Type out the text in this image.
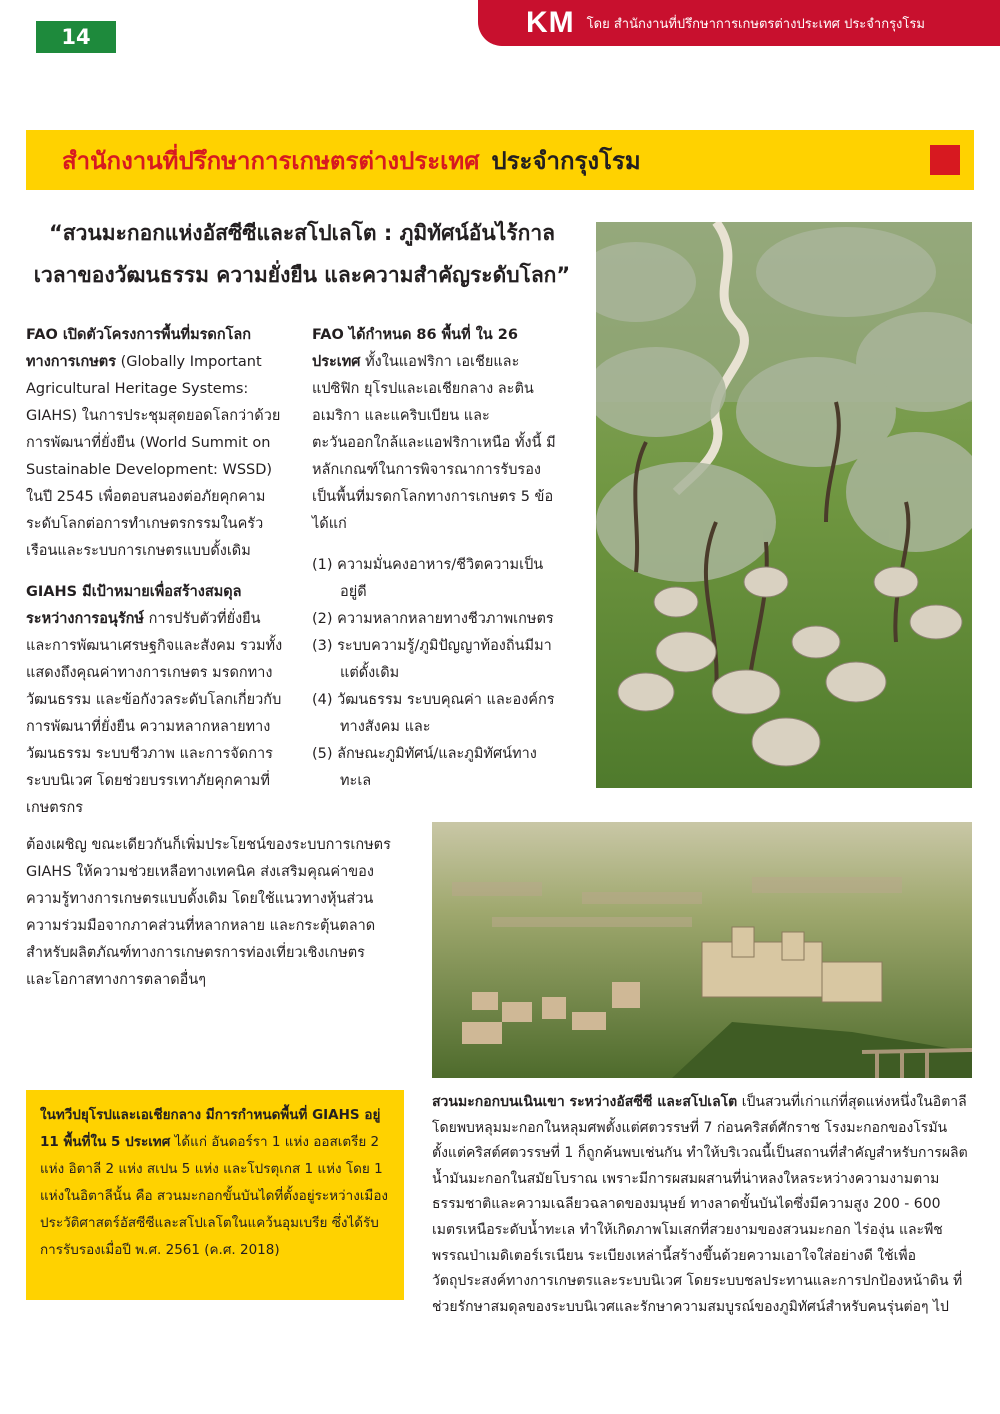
14	KM โดย สำนักงานที่ปรึกษาการเกษตรต่างประเทศ ประจำกรุงโรม
สำนักงานที่ปรึกษาการเกษตรต่างประเทศ ประจำกรุงโรม
“สวนมะกอกแห่งอัสซีซีและสโปเลโต : ภูมิทัศน์อันไร้กาล
เวลาของวัฒนธรรม ความยั่งยืน และความสำคัญระดับโลก”

FAO เปิดตัวโครงการพื้นที่มรดกโลกทางการเกษตร (Globally Important Agricultural Heritage Systems: GIAHS) ในการประชุมสุดยอดโลกว่าด้วยการพัฒนาที่ยั่งยืน (World Summit on Sustainable Development: WSSD) ในปี 2545 เพื่อตอบสนองต่อภัยคุกคามระดับโลกต่อการทำเกษตรกรรมในครัวเรือนและระบบการเกษตรแบบดั้งเดิม

GIAHS มีเป้าหมายเพื่อสร้างสมดุลระหว่างการอนุรักษ์ การปรับตัวที่ยั่งยืน และการพัฒนาเศรษฐกิจและสังคม รวมทั้งแสดงถึงคุณค่าทางการเกษตร มรดกทางวัฒนธรรม และข้อกังวลระดับโลกเกี่ยวกับการพัฒนาที่ยั่งยืน ความหลากหลายทางวัฒนธรรม ระบบชีวภาพ และการจัดการระบบนิเวศ โดยช่วยบรรเทาภัยคุกคามที่เกษตรกร

FAO ได้กำหนด 86 พื้นที่ ใน 26 ประเทศ ทั้งในแอฟริกา เอเชียและแปซิฟิก ยุโรปและเอเชียกลาง ละตินอเมริกา และแคริบเบียน และตะวันออกใกล้และแอฟริกาเหนือ ทั้งนี้ มีหลักเกณฑ์ในการพิจารณาการรับรองเป็นพื้นที่มรดกโลกทางการเกษตร 5 ข้อ ได้แก่

(1) ความมั่นคงอาหาร/ชีวิตความเป็นอยู่ดี
(2) ความหลากหลายทางชีวภาพเกษตร
(3) ระบบความรู้/ภูมิปัญญาท้องถิ่นมีมาแต่ดั้งเดิม
(4) วัฒนธรรม ระบบคุณค่า และองค์กรทางสังคม และ
(5) ลักษณะภูมิทัศน์/และภูมิทัศน์ทางทะเล
ต้องเผชิญ ขณะเดียวกันก็เพิ่มประโยชน์ของระบบการเกษตร GIAHS ให้ความช่วยเหลือทางเทคนิค ส่งเสริมคุณค่าของความรู้ทางการเกษตรแบบดั้งเดิม โดยใช้แนวทางหุ้นส่วนความร่วมมือจากภาคส่วนที่หลากหลาย และกระตุ้นตลาดสำหรับผลิตภัณฑ์ทางการเกษตรการท่องเที่ยวเชิงเกษตร และโอกาสทางการตลาดอื่นๆ
ในทวีปยุโรปและเอเชียกลาง มีการกำหนดพื้นที่ GIAHS อยู่ 11 พื้นที่ใน 5 ประเทศ ได้แก่ อันดอร์รา 1 แห่ง ออสเตรีย 2 แห่ง อิตาลี 2 แห่ง สเปน 5 แห่ง และโปรตุเกส 1 แห่ง โดย 1 แห่งในอิตาลีนั้น คือ สวนมะกอกขั้นบันไดที่ตั้งอยู่ระหว่างเมืองประวัติศาสตร์อัสซีซีและสโปเลโตในแคว้นอุมเบรีย ซึ่งได้รับการรับรองเมื่อปี พ.ศ. 2561 (ค.ศ. 2018)
สวนมะกอกบนเนินเขา ระหว่างอัสซีซี และสโปเลโต เป็นสวนที่เก่าแก่ที่สุดแห่งหนึ่งในอิตาลี โดยพบหลุมมะกอกในหลุมศพตั้งแต่ศตวรรษที่ 7 ก่อนคริสต์ศักราช โรงมะกอกของโรมันตั้งแต่คริสต์ศตวรรษที่ 1 ก็ถูกค้นพบเช่นกัน ทำให้บริเวณนี้เป็นสถานที่สำคัญสำหรับการผลิตน้ำมันมะกอกในสมัยโบราณ เพราะมีการผสมผสานที่น่าหลงใหลระหว่างความงามตามธรรมชาติและความเฉลียวฉลาดของมนุษย์ ทางลาดขั้นบันไดซึ่งมีความสูง 200 - 600 เมตรเหนือระดับน้ำทะเล ทำให้เกิดภาพโมเสกที่สวยงามของสวนมะกอก ไร่องุ่น และพืชพรรณป่าเมดิเตอร์เรเนียน ระเบียงเหล่านี้สร้างขึ้นด้วยความเอาใจใส่อย่างดี ใช้เพื่อวัตถุประสงค์ทางการเกษตรและระบบนิเวศ โดยระบบชลประทานและการปกป้องหน้าดิน ที่ช่วยรักษาสมดุลของระบบนิเวศและรักษาความสมบูรณ์ของภูมิทัศน์สำหรับคนรุ่นต่อๆ ไป
